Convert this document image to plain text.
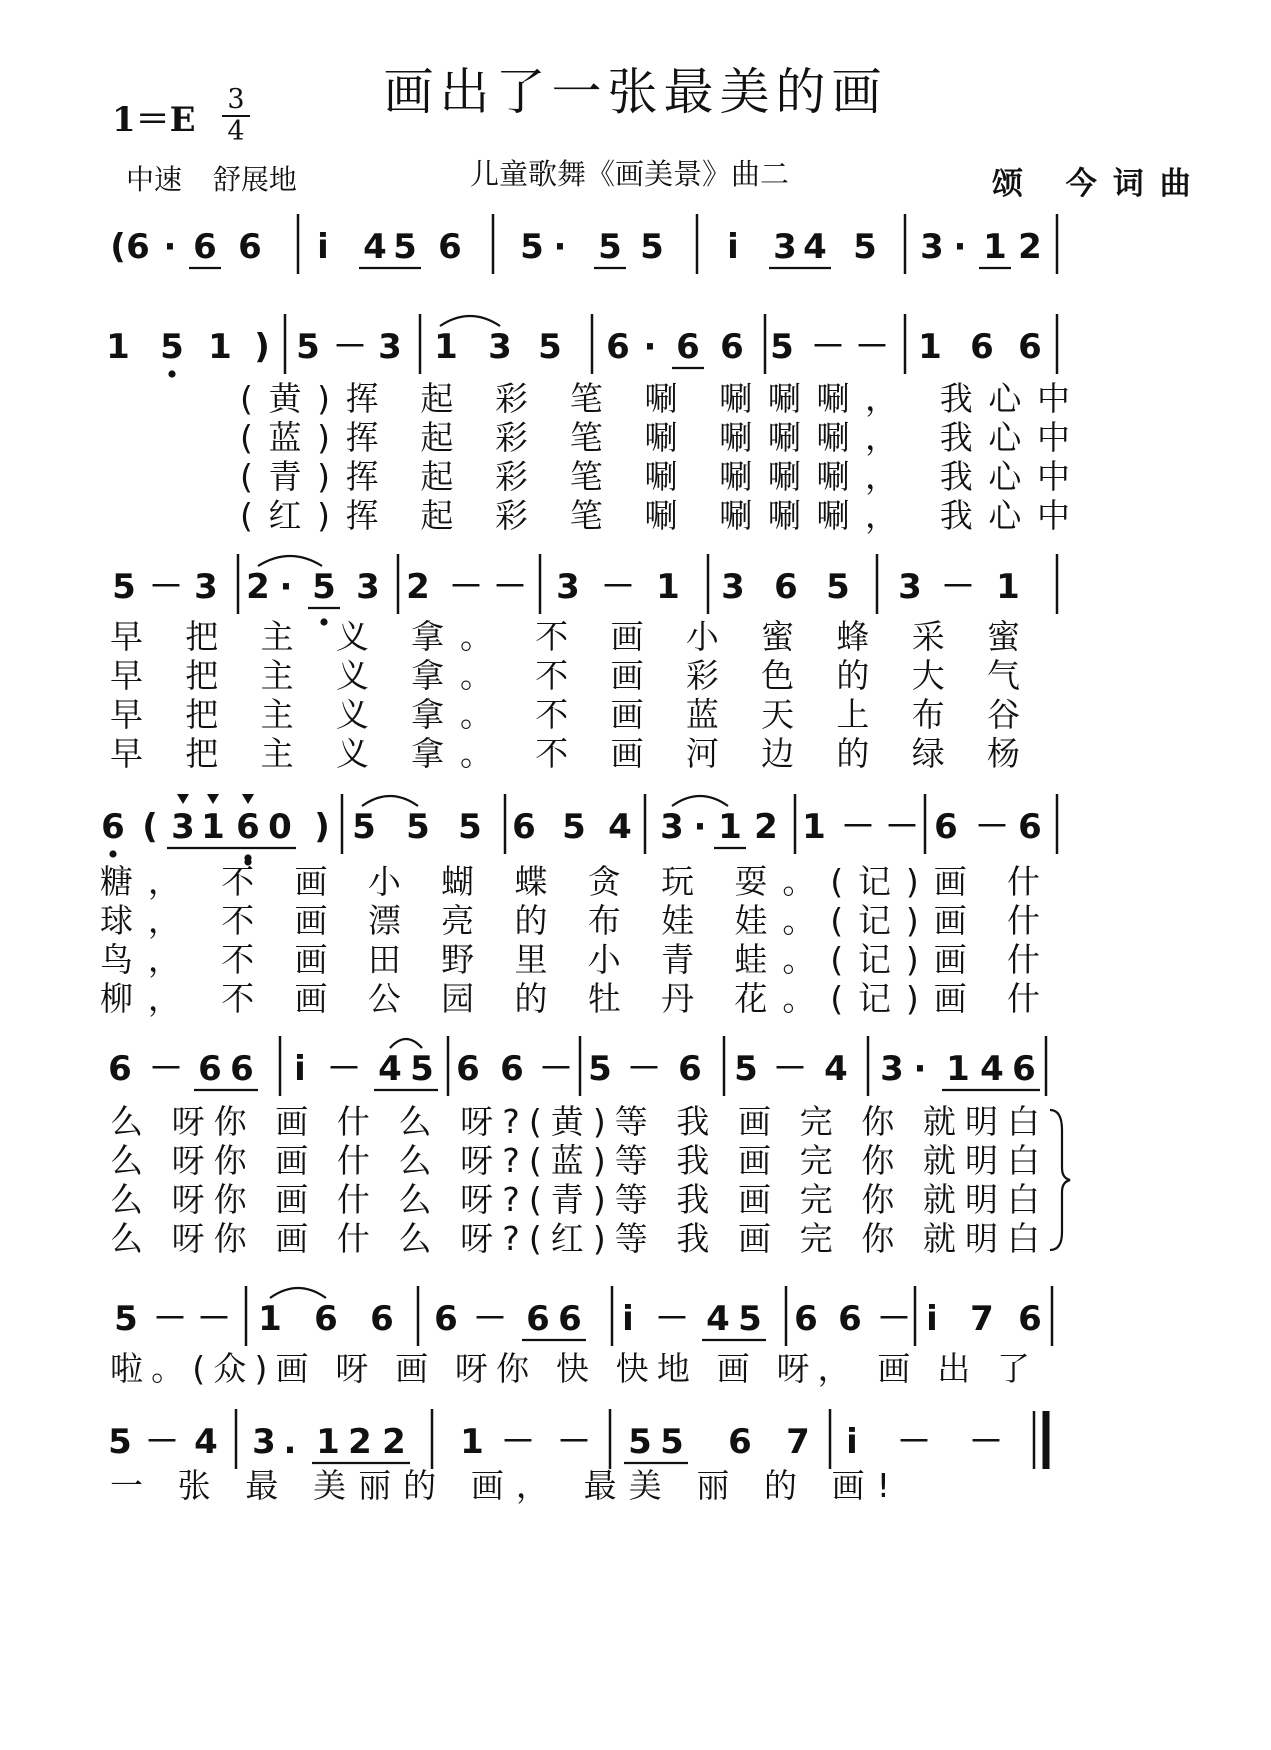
画出了一张最美的画
1＝E
3
4
中速 舒展地	儿童歌舞《画美景》曲二	颂 今词曲
( 6 · 6 6 i 4 5 6 5 · 5 5 i 3 4 5 3 · 1 2
1 5 1 ) 5 － 3 1 3 5 6 · 6 6 5 － － 1 6 6
(黄)挥 起 彩 笔 唰 唰唰唰， 我心中
(蓝)挥 起 彩 笔 唰 唰唰唰， 我心中
(青)挥 起 彩 笔 唰 唰唰唰， 我心中
(红)挥 起 彩 笔 唰 唰唰唰， 我心中
5 － 3 2 · 5 3 2 － － 3 － 1 3 6 5 3 － 1
早 把 主 义 拿。 不 画 小 蜜 蜂 采 蜜
早 把 主 义 拿。 不 画 彩 色 的 大 气
早 把 主 义 拿。 不 画 蓝 天 上 布 谷
早 把 主 义 拿。 不 画 河 边 的 绿 杨
6 ( 3 1 6 0 ) 5 5 5 6 5 4 3 · 1 2 1 － － 6 － 6
糖， 不 画 小 蝴 蝶 贪 玩 耍。(记)画 什
球， 不 画 漂 亮 的 布 娃 娃。(记)画 什
鸟， 不 画 田 野 里 小 青 蛙。(记)画 什
柳， 不 画 公 园 的 牡 丹 花。(记)画 什
6 － 6 6 i － 4 5 6 6 － 5 － 6 5 － 4 3 · 1 4 6
么 呀你 画 什 么 呀?(黄)等 我 画 完 你 就明白
么 呀你 画 什 么 呀?(蓝)等 我 画 完 你 就明白
么 呀你 画 什 么 呀?(青)等 我 画 完 你 就明白
么 呀你 画 什 么 呀?(红)等 我 画 完 你 就明白
5 － － 1 6 6 6 － 6 6 i － 4 5 6 6 － i 7 6
啦。(众)画 呀 画 呀你 快 快地 画 呀， 画 出 了
5 － 4 3 . 1 2 2 1 － － 5 5 6 7 i － －
一 张 最 美丽的 画， 最美 丽 的 画!
